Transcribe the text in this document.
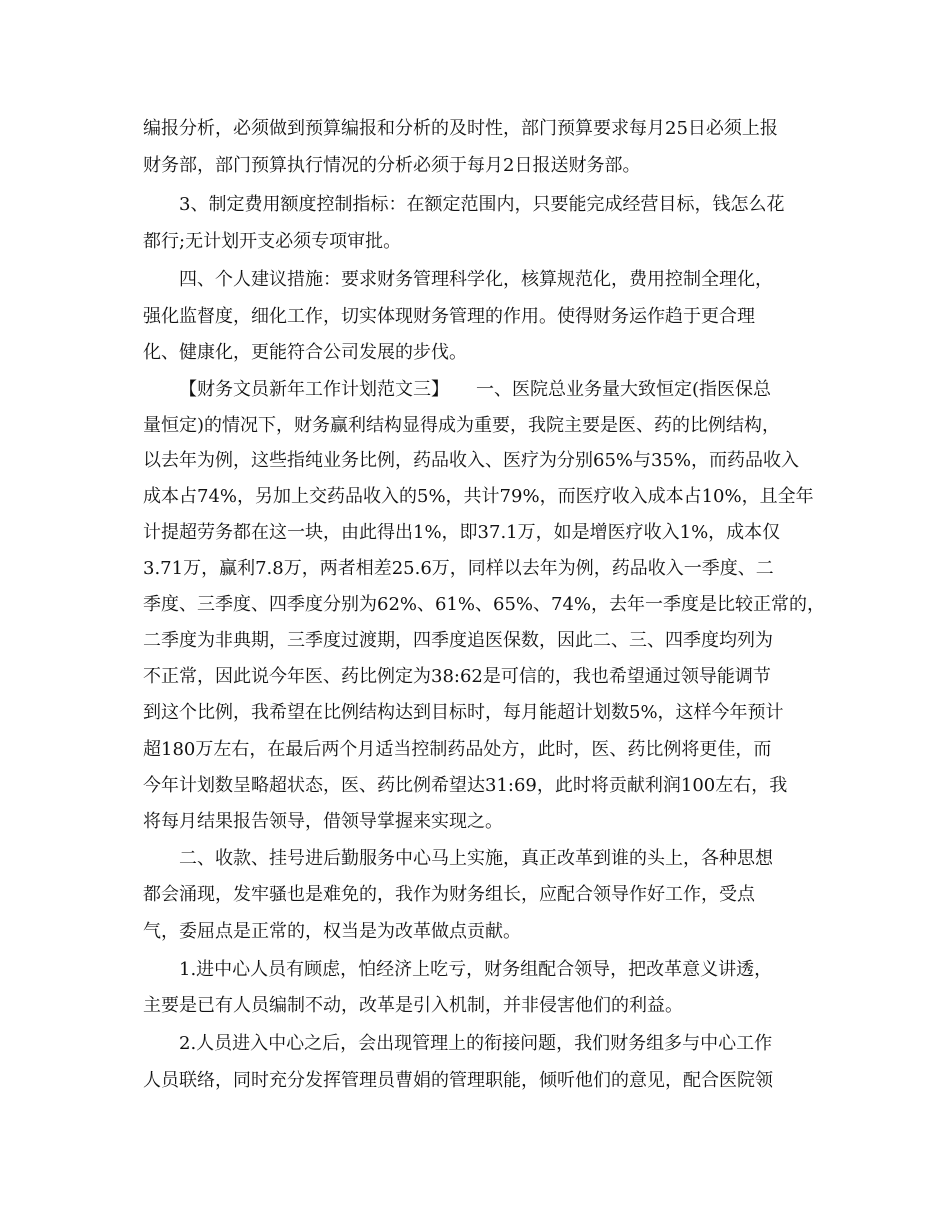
编报分析，必须做到预算编报和分析的及时性，部门预算要求每月25日必须上报
财务部，部门预算执行情况的分析必须于每月2日报送财务部。
3、制定费用额度控制指标：在额定范围内，只要能完成经营目标，钱怎么花
都行;无计划开支必须专项审批。
四、个人建议措施：要求财务管理科学化，核算规范化，费用控制全理化，
强化监督度，细化工作，切实体现财务管理的作用。使得财务运作趋于更合理
化、健康化，更能符合公司发展的步伐。
【财务文员新年工作计划范文三】　　一、医院总业务量大致恒定(指医保总
量恒定)的情况下，财务赢利结构显得成为重要，我院主要是医、药的比例结构，
以去年为例，这些指纯业务比例，药品收入、医疗为分别65%与35%，而药品收入
成本占74%，另加上交药品收入的5%，共计79%，而医疗收入成本占10%，且全年
计提超劳务都在这一块，由此得出1%，即37.1万，如是增医疗收入1%，成本仅
3.71万，赢利7.8万，两者相差25.6万，同样以去年为例，药品收入一季度、二
季度、三季度、四季度分别为62%、61%、65%、74%，去年一季度是比较正常的，
二季度为非典期，三季度过渡期，四季度追医保数，因此二、三、四季度均列为
不正常，因此说今年医、药比例定为38:62是可信的，我也希望通过领导能调节
到这个比例，我希望在比例结构达到目标时，每月能超计划数5%，这样今年预计
超180万左右，在最后两个月适当控制药品处方，此时，医、药比例将更佳，而
今年计划数呈略超状态，医、药比例希望达31:69，此时将贡献利润100左右，我
将每月结果报告领导，借领导掌握来实现之。
二、收款、挂号进后勤服务中心马上实施，真正改革到谁的头上，各种思想
都会涌现，发牢骚也是难免的，我作为财务组长，应配合领导作好工作，受点
气，委屈点是正常的，权当是为改革做点贡献。
1.进中心人员有顾虑，怕经济上吃亏，财务组配合领导，把改革意义讲透，
主要是已有人员编制不动，改革是引入机制，并非侵害他们的利益。
2.人员进入中心之后，会出现管理上的衔接问题，我们财务组多与中心工作
人员联络，同时充分发挥管理员曹娟的管理职能，倾听他们的意见，配合医院领
